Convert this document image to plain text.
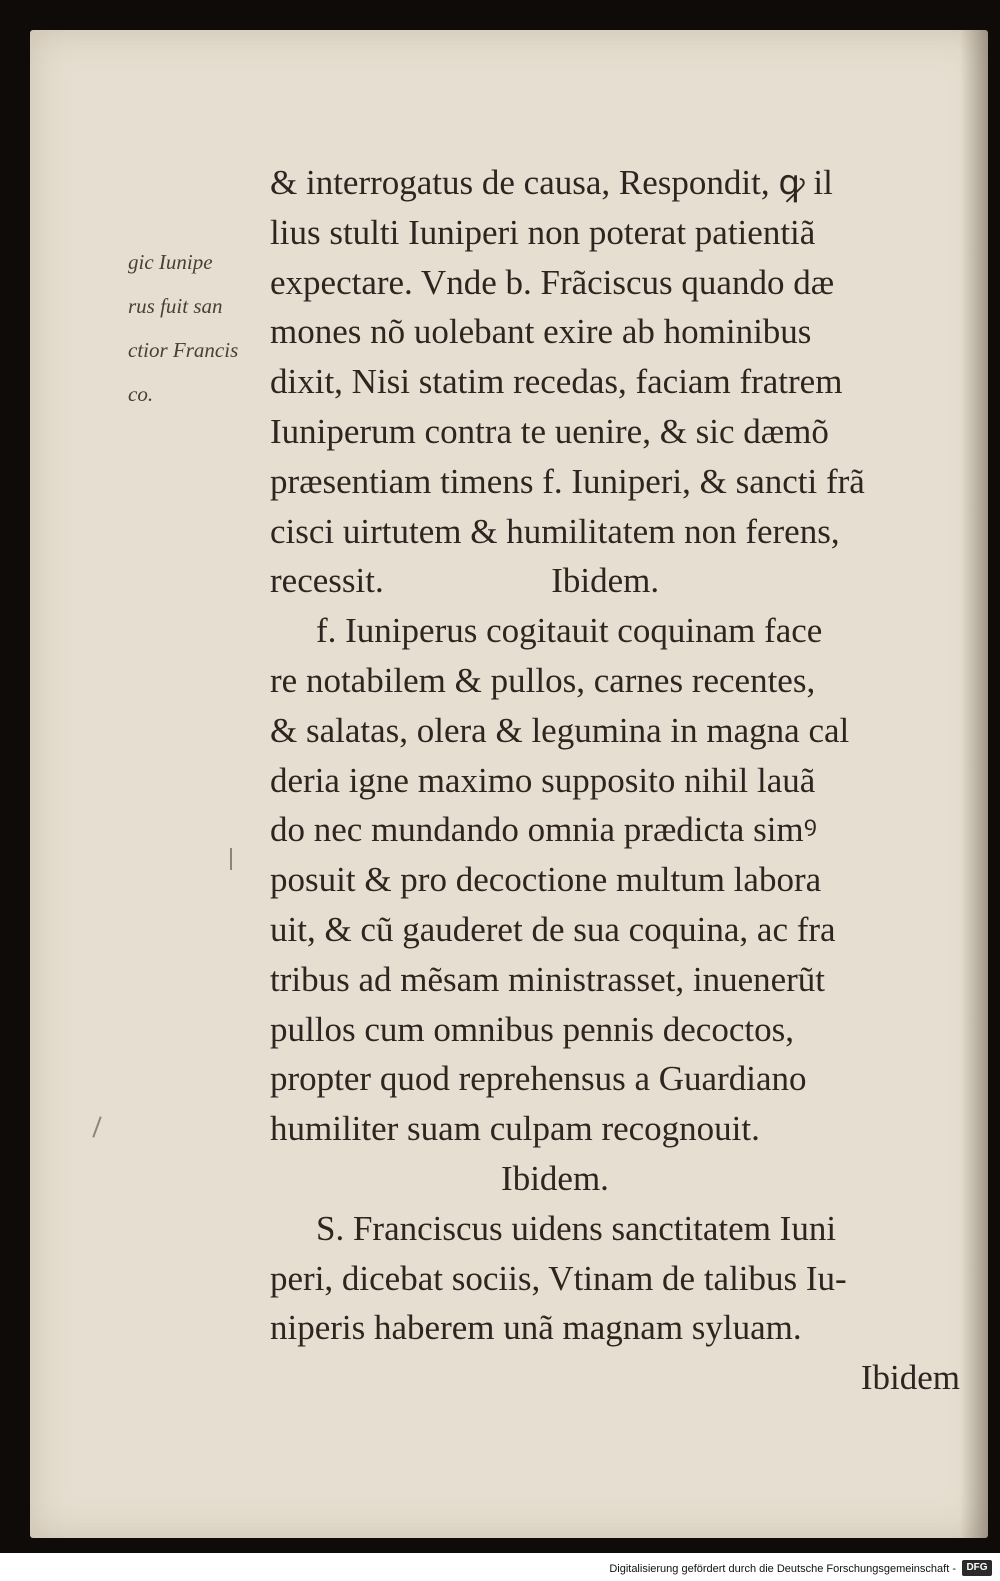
gic Iunipe
rus fuit san
ctior Francis
co.
& interrogatus de causa, Respondit, ꝙ il
lius stulti Iuniperi non poterat patientiã
expectare. Vnde b. Frãciscus quando dæ
mones nõ uolebant exire ab hominibus
dixit, Nisi statim recedas, faciam fratrem
Iuniperum contra te uenire, & sic dæmõ
præsentiam timens f. Iuniperi, & sancti frã
cisci uirtutem & humilitatem non ferens,
recessit.	Ibidem.
f. Iuniperus cogitauit coquinam face
re notabilem & pullos, carnes recentes,
& salatas, olera & legumina in magna cal
deria igne maximo supposito nihil lauã
do nec mundando omnia prædicta simꝰ
posuit & pro decoctione multum labora
uit, & cũ gauderet de sua coquina, ac fra
tribus ad mẽsam ministrasset, inuenerũt
pullos cum omnibus pennis decoctos,
propter quod reprehensus a Guardiano
humiliter suam culpam recognouit.
Ibidem.
S. Franciscus uidens sanctitatem Iuni
peri, dicebat sociis, Vtinam de talibus Iu-
niperis haberem unã magnam syluam.
Ibidem
Digitalisierung gefördert durch die Deutsche Forschungsgemeinschaft -	DFG
